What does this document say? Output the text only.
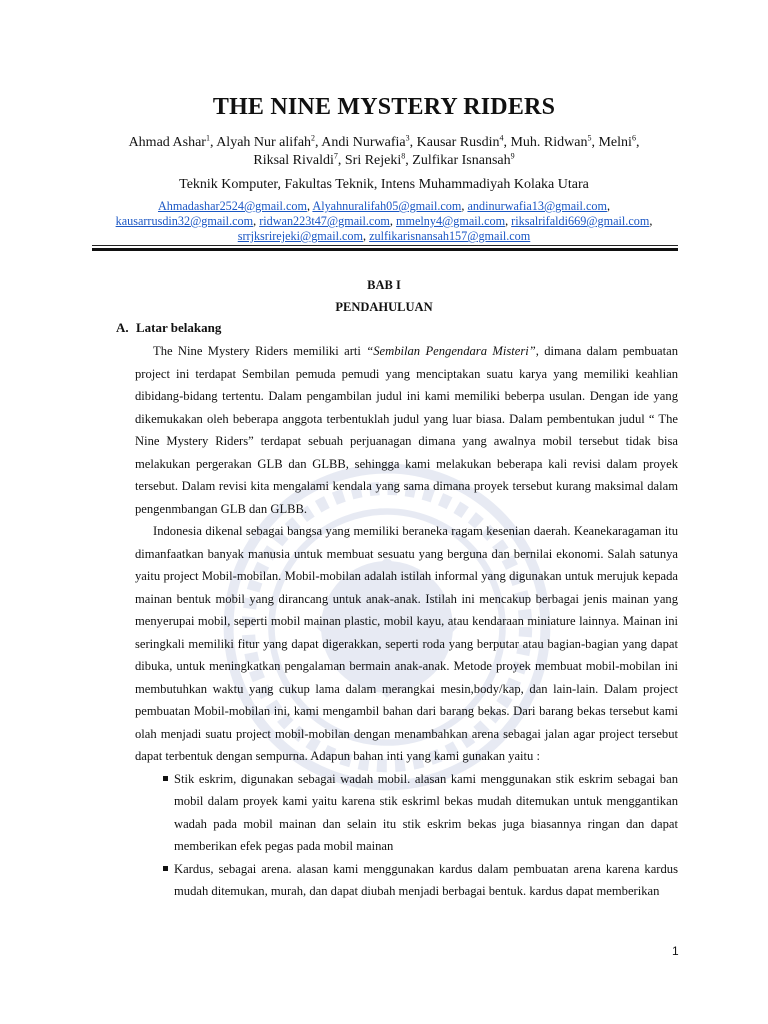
THE NINE MYSTERY RIDERS
Ahmad Ashar$^1$, Alyah Nur alifah$^2$, Andi Nurwafia$^3$, Kausar Rusdin$^4$, Muh. Ridwan$^5$, Melni$^6$,
Riksal Rivaldi$^7$, Sri Rejeki$^8$, Zulfikar Isnansah$^9$
Teknik Komputer, Fakultas Teknik, Intens Muhammadiyah Kolaka Utara
Ahmadashar2524@gmail.com, Alyahnuralifah05@gmail.com, andinurwafia13@gmail.com,
kausarrusdin32@gmail.com, ridwan223t47@gmail.com, mmelny4@gmail.com, riksalrifaldi669@gmail.com,
srrjksrirejeki@gmail.com, zulfikarisnansah157@gmail.com
BAB I
PENDAHULUAN
A. Latar belakang

The Nine Mystery Riders memiliki arti “Sembilan Pengendara Misteri”, dimana dalam pembuatan project ini terdapat Sembilan pemuda pemudi yang menciptakan suatu karya yang memiliki keahlian dibidang-bidang tertentu. Dalam pengambilan judul ini kami memiliki beberpa usulan. Dengan ide yang dikemukakan oleh beberapa anggota terbentuklah judul yang luar biasa. Dalam pembentukan judul “ The Nine Mystery Riders” terdapat sebuah perjuanagan dimana yang awalnya mobil tersebut tidak bisa melakukan pergerakan GLB dan GLBB, sehingga kami melakukan beberapa kali revisi dalam proyek tersebut. Dalam revisi kita mengalami kendala yang sama dimana proyek tersebut kurang maksimal dalam pengenmbangan GLB dan GLBB.

Indonesia dikenal sebagai bangsa yang memiliki beraneka ragam kesenian daerah. Keanekaragaman itu dimanfaatkan banyak manusia untuk membuat sesuatu yang berguna dan bernilai ekonomi. Salah satunya yaitu project Mobil-mobilan. Mobil-mobilan adalah istilah informal yang digunakan untuk merujuk kepada mainan bentuk mobil yang dirancang untuk anak-anak. Istilah ini mencakup berbagai jenis mainan yang menyerupai mobil, seperti mobil mainan plastic, mobil kayu, atau kendaraan miniature lainnya. Mainan ini seringkali memiliki fitur yang dapat digerakkan, seperti roda yang berputar atau bagian-bagian yang dapat dibuka, untuk meningkatkan pengalaman bermain anak-anak. Metode proyek membuat mobil-mobilan ini membutuhkan waktu yang cukup lama dalam merangkai mesin,body/kap, dan lain-lain. Dalam project pembuatan Mobil-mobilan ini, kami mengambil bahan dari barang bekas. Dari barang bekas tersebut kami olah menjadi suatu project mobil-mobilan dengan menambahkan arena sebagai jalan agar project tersebut dapat terbentuk dengan sempurna. Adapun bahan inti yang kami gunakan yaitu :

Stik eskrim, digunakan sebagai wadah mobil. alasan kami menggunakan stik eskrim sebagai ban mobil dalam proyek kami yaitu karena stik eskriml bekas mudah ditemukan untuk menggantikan wadah pada mobil mainan dan selain itu stik eskrim bekas juga biasannya ringan dan dapat memberikan efek pegas pada mobil mainan
Kardus, sebagai arena. alasan kami menggunakan kardus dalam pembuatan arena karena kardus mudah ditemukan, murah, dan dapat diubah menjadi berbagai bentuk. kardus dapat memberikan
1
